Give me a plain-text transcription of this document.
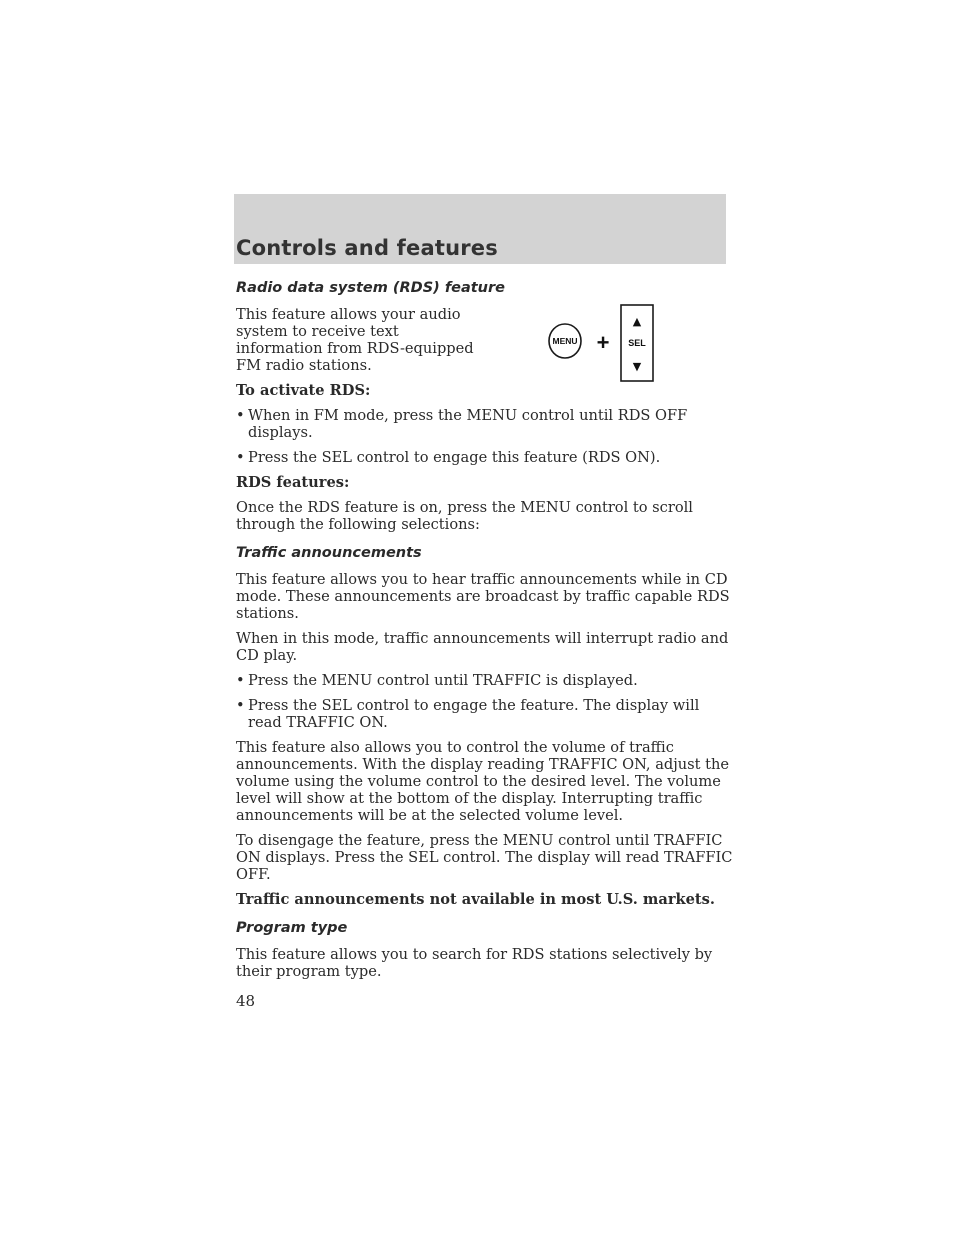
Controls and features
MENU +
▲
SEL
▼
Radio data system (RDS) feature

This feature allows your audio system to receive text information from RDS-equipped FM radio stations.

To activate RDS:

• When in FM mode, press the MENU control until RDS OFF displays.
• Press the SEL control to engage this feature (RDS ON).

RDS features:

Once the RDS feature is on, press the MENU control to scroll through the following selections:

Traffic announcements

This feature allows you to hear traffic announcements while in CD mode. These announcements are broadcast by traffic capable RDS stations.

When in this mode, traffic announcements will interrupt radio and CD play.

• Press the MENU control until TRAFFIC is displayed.
• Press the SEL control to engage the feature. The display will read TRAFFIC ON.

This feature also allows you to control the volume of traffic announcements. With the display reading TRAFFIC ON, adjust the volume using the volume control to the desired level. The volume level will show at the bottom of the display. Interrupting traffic announcements will be at the selected volume level.

To disengage the feature, press the MENU control until TRAFFIC ON displays. Press the SEL control. The display will read TRAFFIC OFF.

Traffic announcements not available in most U.S. markets.

Program type

This feature allows you to search for RDS stations selectively by their program type.

48
